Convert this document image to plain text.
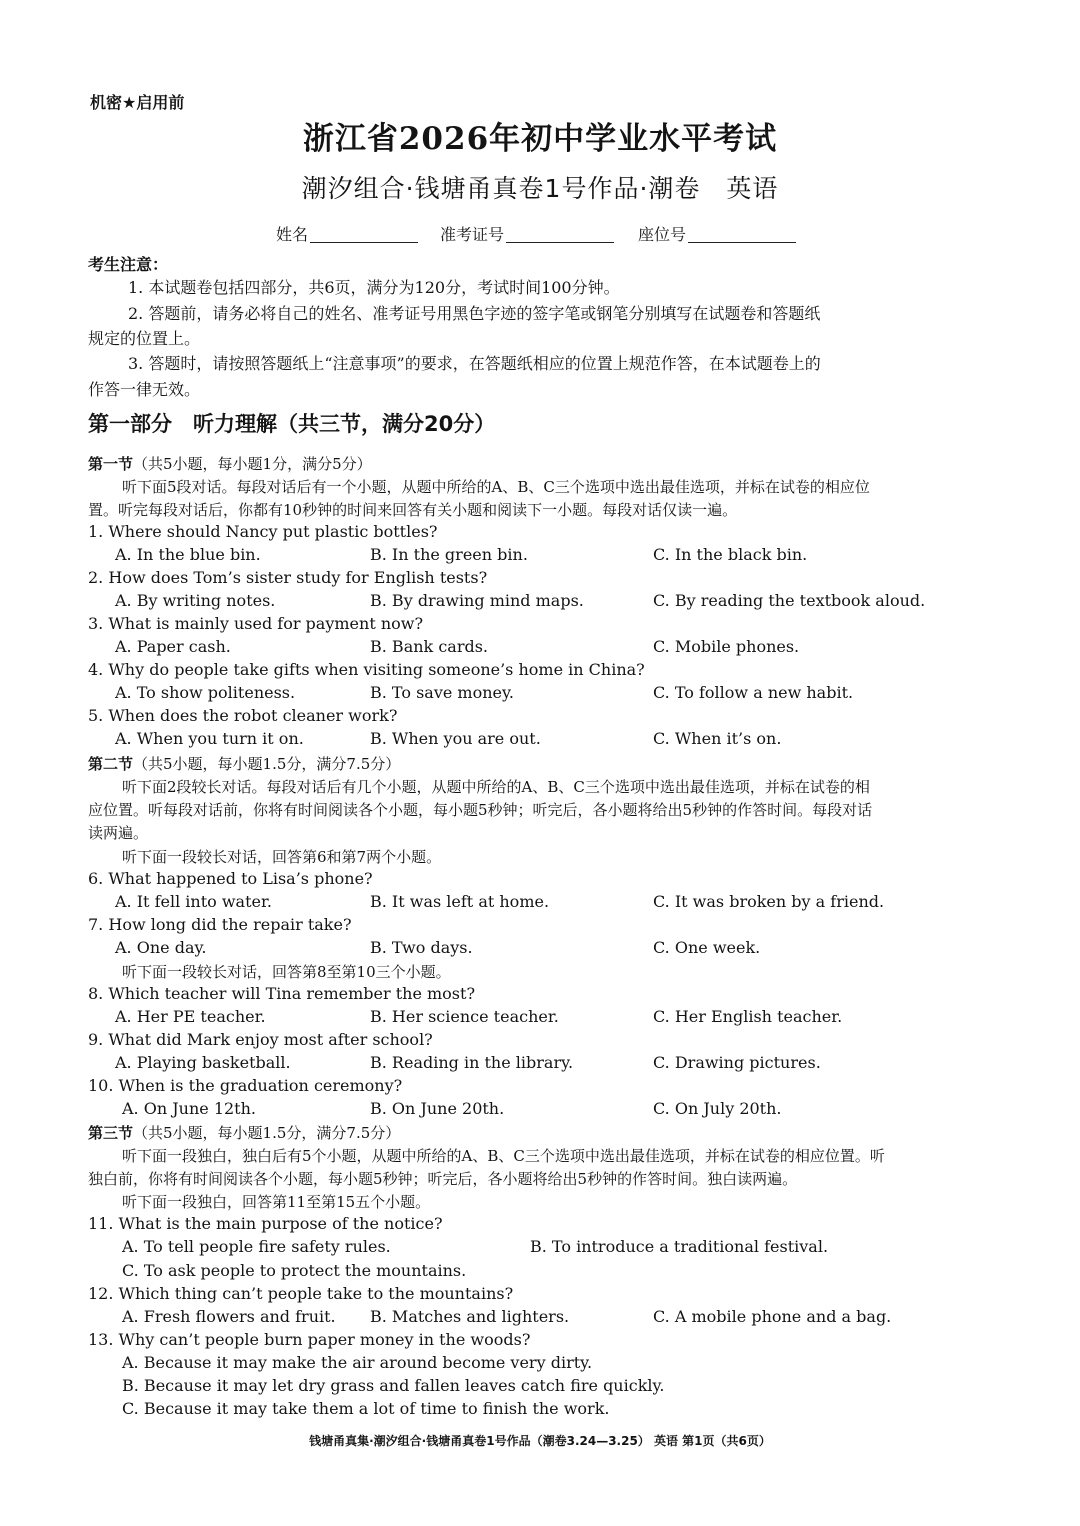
机密★启用前
浙江省2026年初中学业水平考试
潮汐组合·钱塘甬真卷1号作品·潮卷　英语
姓名	准考证号	座位号
考生注意：
1. 本试题卷包括四部分，共6页，满分为120分，考试时间100分钟。
2. 答题前，请务必将自己的姓名、准考证号用黑色字迹的签字笔或钢笔分别填写在试题卷和答题纸
规定的位置上。
3. 答题时，请按照答题纸上“注意事项”的要求，在答题纸相应的位置上规范作答，在本试题卷上的
作答一律无效。
第一部分　听力理解（共三节，满分20分）
第一节（共5小题，每小题1分，满分5分）
听下面5段对话。每段对话后有一个小题，从题中所给的A、B、C三个选项中选出最佳选项，并标在试卷的相应位
置。听完每段对话后，你都有10秒钟的时间来回答有关小题和阅读下一小题。每段对话仅读一遍。
1. Where should Nancy put plastic bottles?
A. In the blue bin.	B. In the green bin.	C. In the black bin.
2. How does Tom’s sister study for English tests?
A. By writing notes.	B. By drawing mind maps.	C. By reading the textbook aloud.
3. What is mainly used for payment now?
A. Paper cash.	B. Bank cards.	C. Mobile phones.
4. Why do people take gifts when visiting someone’s home in China?
A. To show politeness.	B. To save money.	C. To follow a new habit.
5. When does the robot cleaner work?
A. When you turn it on.	B. When you are out.	C. When it’s on.
第二节（共5小题，每小题1.5分，满分7.5分）
听下面2段较长对话。每段对话后有几个小题，从题中所给的A、B、C三个选项中选出最佳选项，并标在试卷的相
应位置。听每段对话前，你将有时间阅读各个小题，每小题5秒钟；听完后，各小题将给出5秒钟的作答时间。每段对话
读两遍。
听下面一段较长对话，回答第6和第7两个小题。
6. What happened to Lisa’s phone?
A. It fell into water.	B. It was left at home.	C. It was broken by a friend.
7. How long did the repair take?
A. One day.	B. Two days.	C. One week.
听下面一段较长对话，回答第8至第10三个小题。
8. Which teacher will Tina remember the most?
A. Her PE teacher.	B. Her science teacher.	C. Her English teacher.
9. What did Mark enjoy most after school?
A. Playing basketball.	B. Reading in the library.	C. Drawing pictures.
10. When is the graduation ceremony?
A. On June 12th.	B. On June 20th.	C. On July 20th.
第三节（共5小题，每小题1.5分，满分7.5分）
听下面一段独白，独白后有5个小题，从题中所给的A、B、C三个选项中选出最佳选项，并标在试卷的相应位置。听
独白前，你将有时间阅读各个小题，每小题5秒钟；听完后，各小题将给出5秒钟的作答时间。独白读两遍。
听下面一段独白，回答第11至第15五个小题。
11. What is the main purpose of the notice?
A. To tell people fire safety rules.	B. To introduce a traditional festival.
C. To ask people to protect the mountains.
12. Which thing can’t people take to the mountains?
A. Fresh flowers and fruit. B. Matches and lighters.	C. A mobile phone and a bag.
13. Why can’t people burn paper money in the woods?
A. Because it may make the air around become very dirty.
B. Because it may let dry grass and fallen leaves catch fire quickly.
C. Because it may take them a lot of time to finish the work.
钱塘甬真集·潮汐组合·钱塘甬真卷1号作品（潮卷3.24—3.25） 英语 第1页（共6页）
